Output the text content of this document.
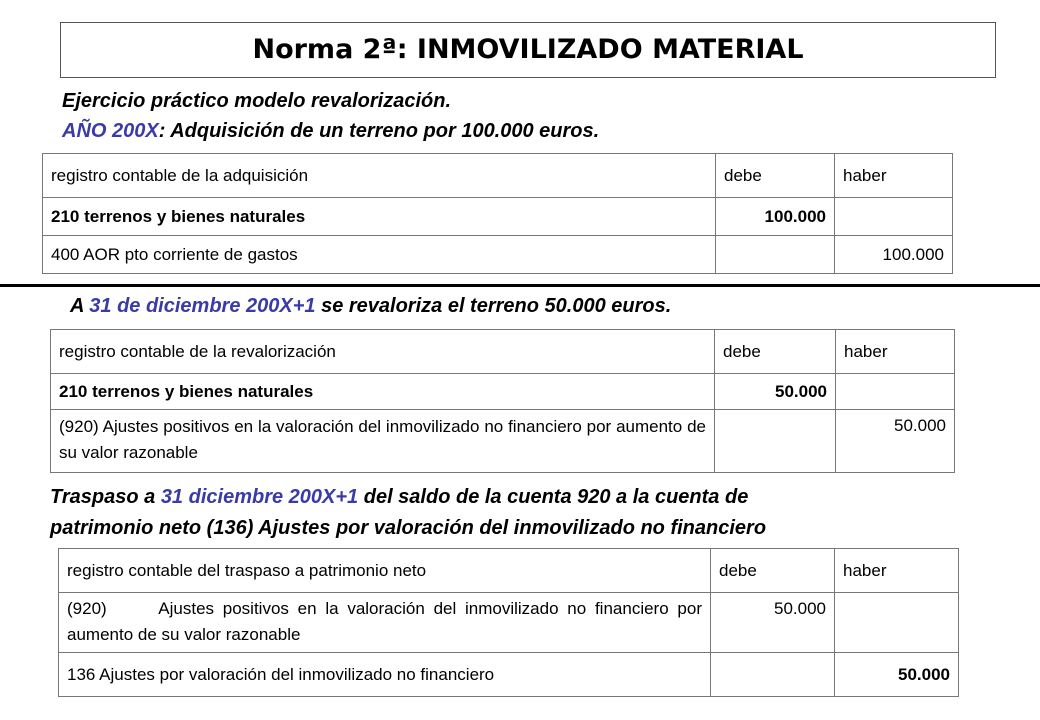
Norma 2ª: INMOVILIZADO MATERIAL
Ejercicio práctico modelo revalorización.
AÑO 200X: Adquisición de un terreno por 100.000 euros.
registro contable de la adquisición	debe	haber
210 terrenos y bienes naturales	100.000	
400 AOR pto corriente de gastos		100.000
A 31 de diciembre 200X+1 se revaloriza el terreno 50.000 euros.
registro contable de la revalorización	debe	haber
210 terrenos y bienes naturales	50.000	
(920) Ajustes positivos en la valoración del inmovilizado no financiero por aumento de su valor razonable		50.000
Traspaso a 31 diciembre 200X+1 del saldo de la cuenta 920 a la cuenta de
patrimonio neto (136) Ajustes por valoración del inmovilizado no financiero
registro contable del traspaso a patrimonio neto	debe	haber
(920)      Ajustes positivos en la valoración del inmovilizado no financiero por aumento de su valor razonable	50.000	
136 Ajustes por valoración del inmovilizado no financiero		50.000
